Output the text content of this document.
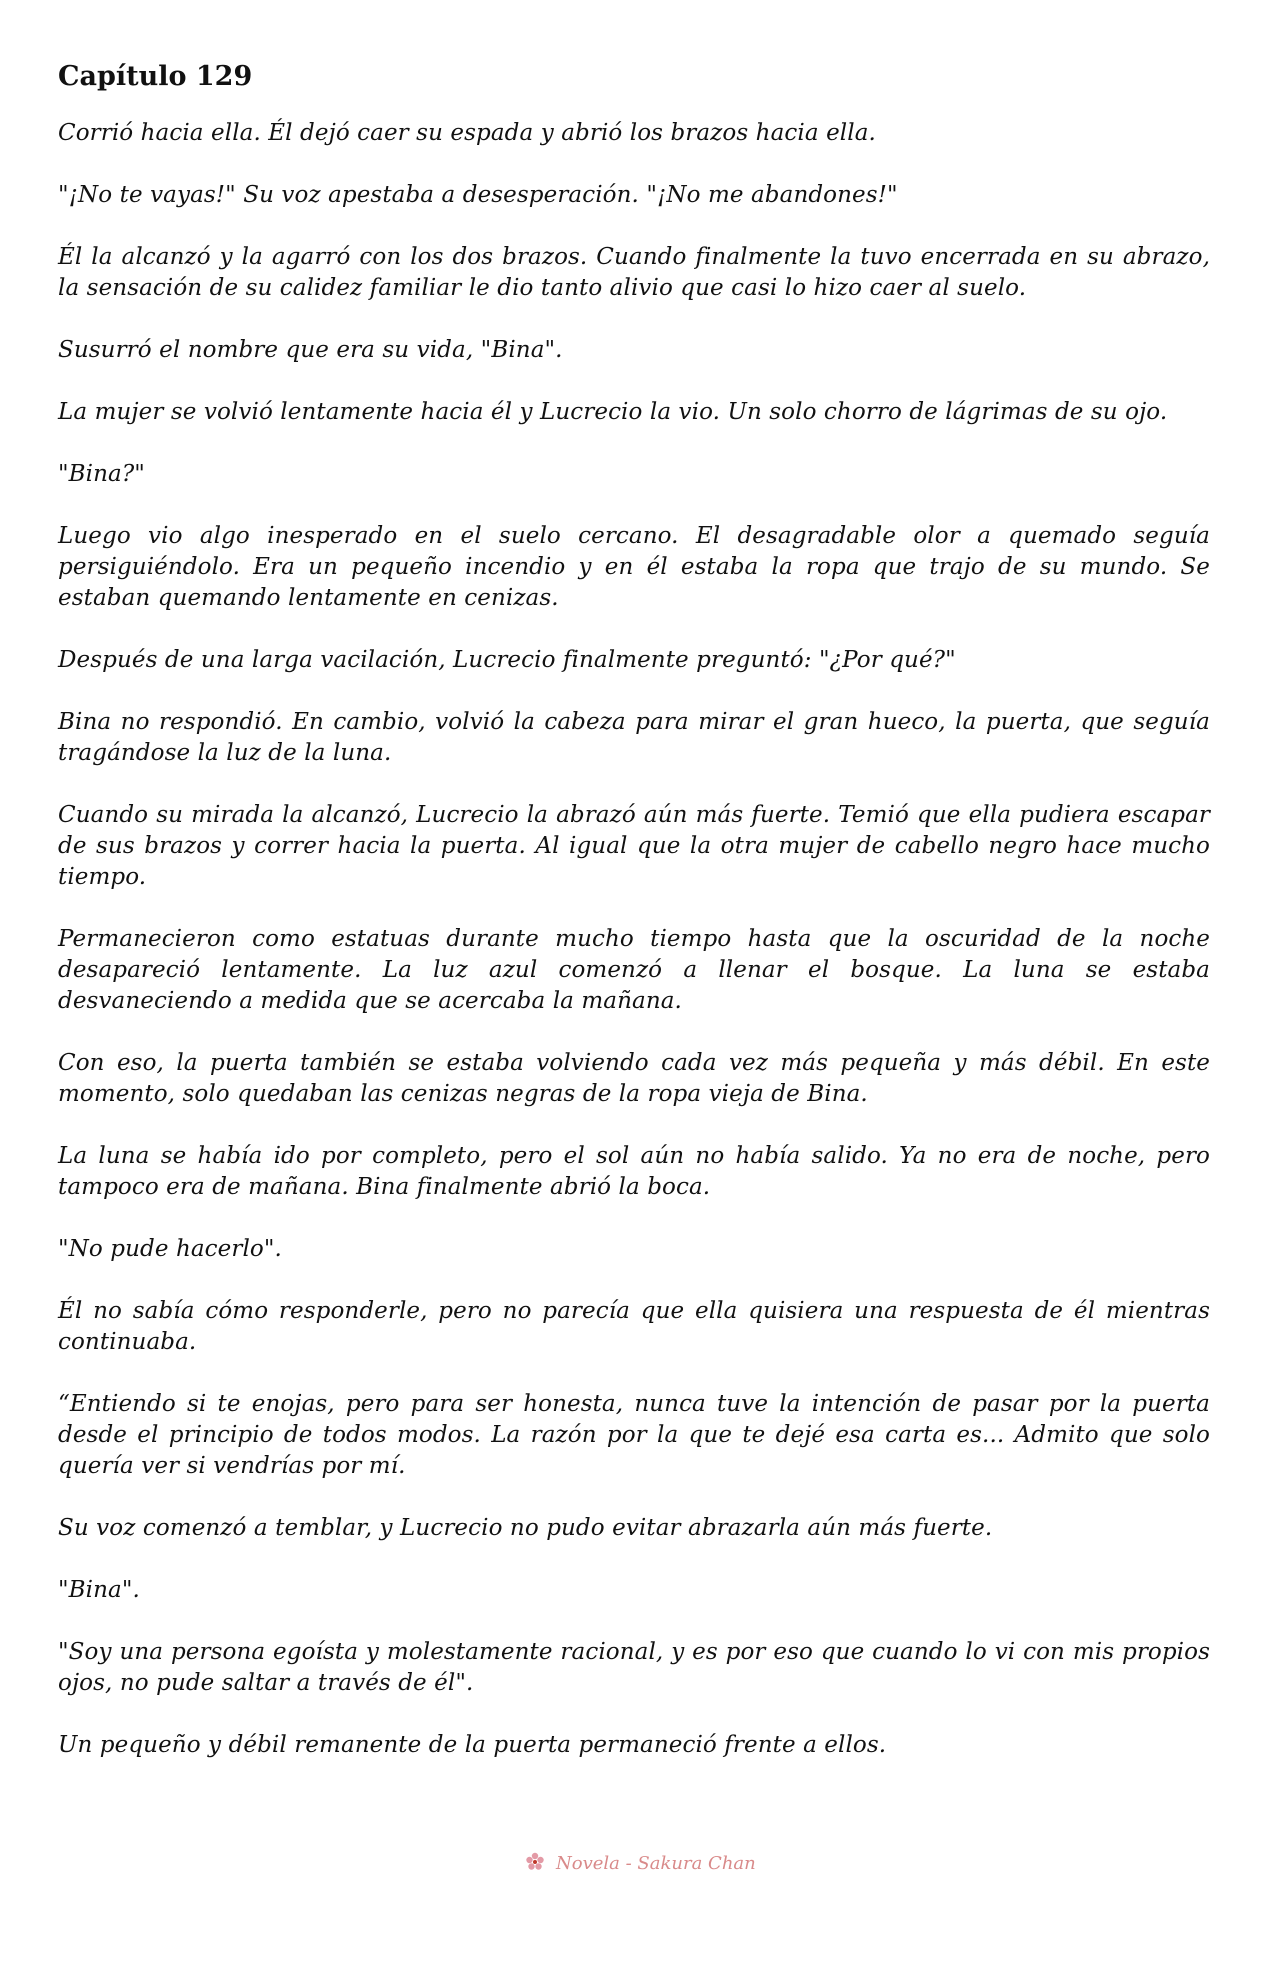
Capítulo 129

Corrió hacia ella. Él dejó caer su espada y abrió los brazos hacia ella.

"¡No te vayas!" Su voz apestaba a desesperación. "¡No me abandones!"

Él la alcanzó y la agarró con los dos brazos. Cuando finalmente la tuvo encerrada en su abrazo, la sensación de su calidez familiar le dio tanto alivio que casi lo hizo caer al suelo.

Susurró el nombre que era su vida, "Bina".

La mujer se volvió lentamente hacia él y Lucrecio la vio. Un solo chorro de lágrimas de su ojo.

"Bina?"

Luego vio algo inesperado en el suelo cercano. El desagradable olor a quemado seguía persiguiéndolo. Era un pequeño incendio y en él estaba la ropa que trajo de su mundo. Se estaban quemando lentamente en cenizas.

Después de una larga vacilación, Lucrecio finalmente preguntó: "¿Por qué?"

Bina no respondió. En cambio, volvió la cabeza para mirar el gran hueco, la puerta, que seguía tragándose la luz de la luna.

Cuando su mirada la alcanzó, Lucrecio la abrazó aún más fuerte. Temió que ella pudiera escapar de sus brazos y correr hacia la puerta. Al igual que la otra mujer de cabello negro hace mucho tiempo.

Permanecieron como estatuas durante mucho tiempo hasta que la oscuridad de la noche desapareció lentamente. La luz azul comenzó a llenar el bosque. La luna se estaba desvaneciendo a medida que se acercaba la mañana.

Con eso, la puerta también se estaba volviendo cada vez más pequeña y más débil. En este momento, solo quedaban las cenizas negras de la ropa vieja de Bina.

La luna se había ido por completo, pero el sol aún no había salido. Ya no era de noche, pero tampoco era de mañana. Bina finalmente abrió la boca.

"No pude hacerlo".

Él no sabía cómo responderle, pero no parecía que ella quisiera una respuesta de él mientras continuaba.

“Entiendo si te enojas, pero para ser honesta, nunca tuve la intención de pasar por la puerta desde el principio de todos modos. La razón por la que te dejé esa carta es... Admito que solo quería ver si vendrías por mí.

Su voz comenzó a temblar, y Lucrecio no pudo evitar abrazarla aún más fuerte.

"Bina".

"Soy una persona egoísta y molestamente racional, y es por eso que cuando lo vi con mis propios ojos, no pude saltar a través de él".

Un pequeño y débil remanente de la puerta permaneció frente a ellos.

Novela - Sakura Chan
